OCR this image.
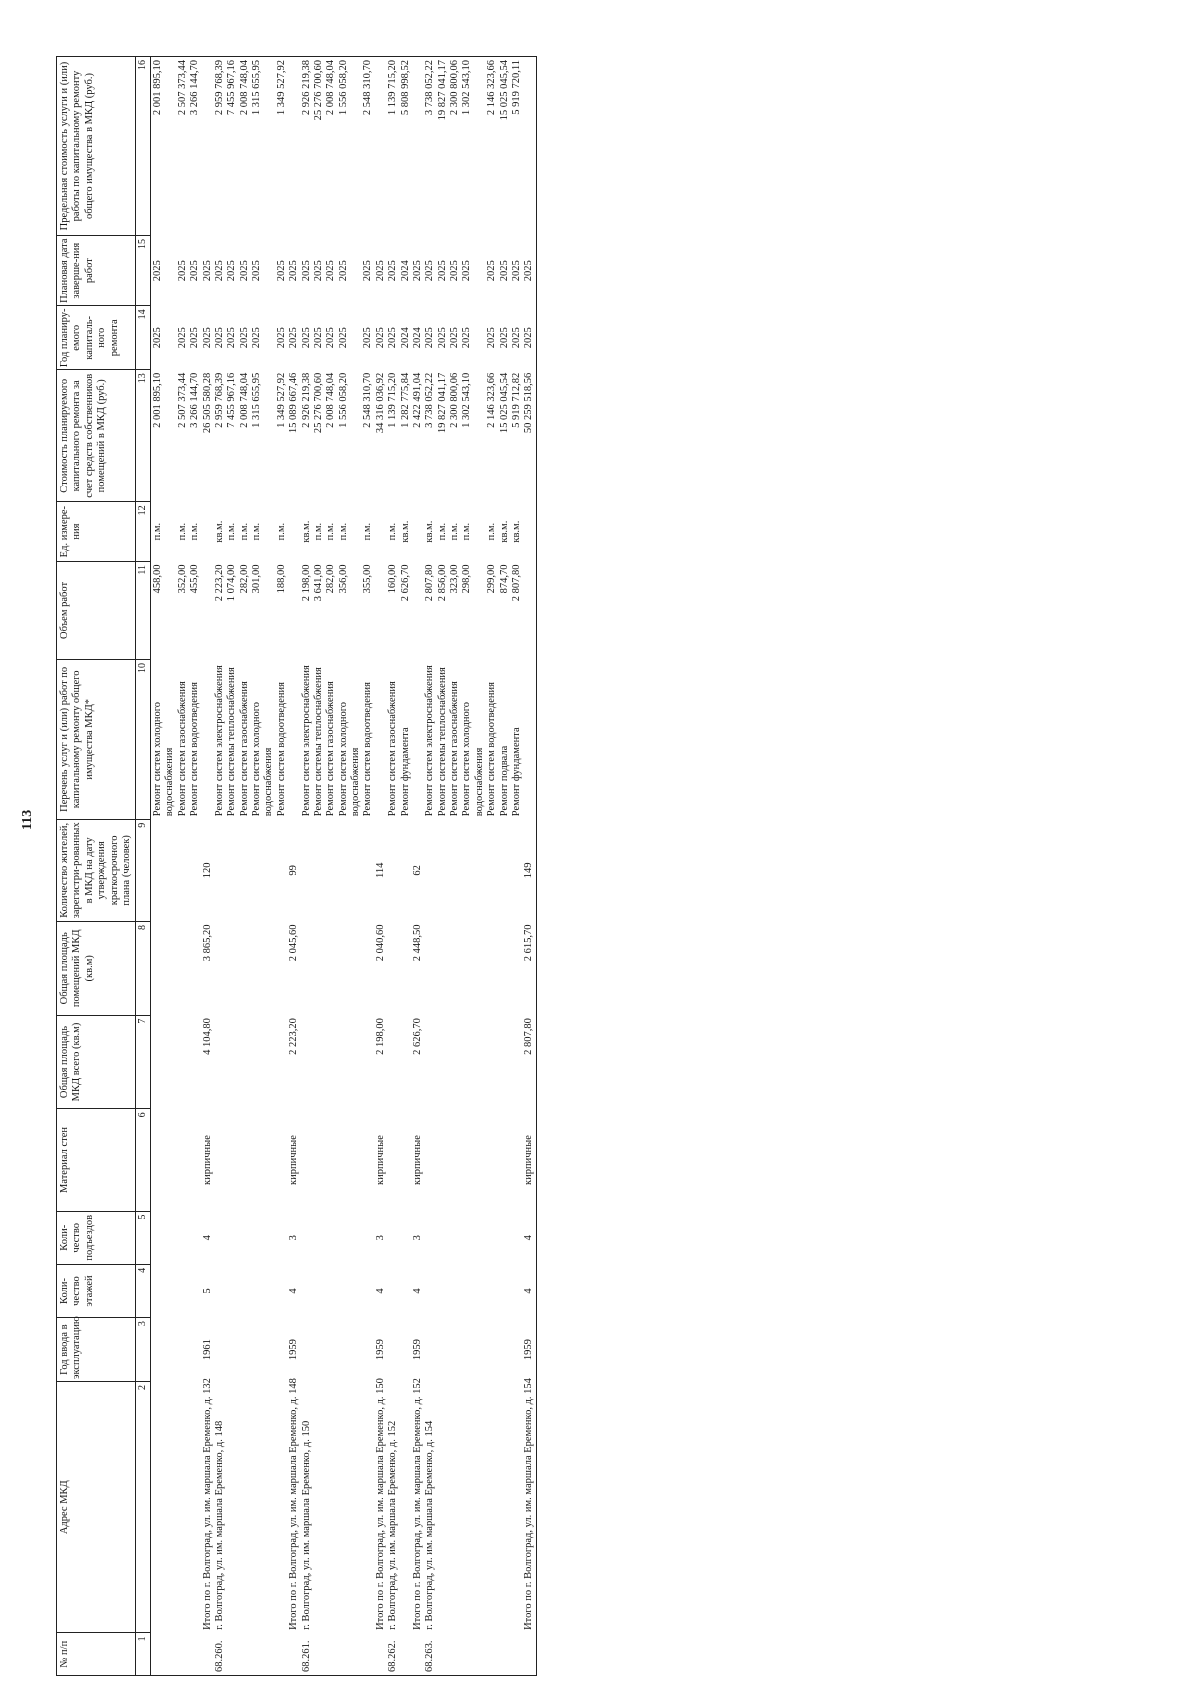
113
№ п/п	Адрес МКД	Год ввода в эксплуатацию	Коли-чество этажей	Коли-чество подъездов	Материал стен	Общая площадь МКД всего (кв.м)	Общая площадь помещений МКД (кв.м)	Количество жителей, зарегистри-рованных в МКД на дату утверждения краткосрочного плана (человек)	Перечень услуг и (или) работ по капитальному ремонту общего имущества МКД*	Объем работ	Ед. измере-ния	Стоимость планируемого капитального ремонта за счет средств собственников помещений в МКД (руб.)	Год планиру-емого капиталь-ного ремонта	Плановая дата заверше-ния работ	Предельная стоимость услуги и (или) работы по капитальному ремонту общего имущества в МКД (руб.)
1	2	3	4	5	6	7	8	9	10	11	12	13	14	15	16
									Ремонт систем холодного водоснабжения	458,00	п.м.	2 001 895,10	2025	2025	2 001 895,10
									Ремонт систем газоснабжения	352,00	п.м.	2 507 373,44	2025	2025	2 507 373,44
									Ремонт систем водоотведения	455,00	п.м.	3 266 144,70	2025	2025	3 266 144,70
	Итого по г. Волгоград, ул. им. маршала Еременко, д. 132	1961	5	4	кирпичные	4 104,80	3 865,20	120				26 505 580,28	2025	2025	
68.260.	г. Волгоград, ул. им. маршала Еременко, д. 148								Ремонт систем электроснабжения	2 223,20	кв.м.	2 959 768,39	2025	2025	2 959 768,39
									Ремонт системы теплоснабжения	1 074,00	п.м.	7 455 967,16	2025	2025	7 455 967,16
									Ремонт систем газоснабжения	282,00	п.м.	2 008 748,04	2025	2025	2 008 748,04
									Ремонт систем холодного водоснабжения	301,00	п.м.	1 315 655,95	2025	2025	1 315 655,95
									Ремонт систем водоотведения	188,00	п.м.	1 349 527,92	2025	2025	1 349 527,92
	Итого по г. Волгоград, ул. им. маршала Еременко, д. 148	1959	4	3	кирпичные	2 223,20	2 045,60	99				15 089 667,46	2025	2025	
68.261.	г. Волгоград, ул. им. маршала Еременко, д. 150								Ремонт систем электроснабжения	2 198,00	кв.м.	2 926 219,38	2025	2025	2 926 219,38
									Ремонт системы теплоснабжения	3 641,00	п.м.	25 276 700,60	2025	2025	25 276 700,60
									Ремонт систем газоснабжения	282,00	п.м.	2 008 748,04	2025	2025	2 008 748,04
									Ремонт систем холодного водоснабжения	356,00	п.м.	1 556 058,20	2025	2025	1 556 058,20
									Ремонт систем водоотведения	355,00	п.м.	2 548 310,70	2025	2025	2 548 310,70
	Итого по г. Волгоград, ул. им. маршала Еременко, д. 150	1959	4	3	кирпичные	2 198,00	2 040,60	114				34 316 036,92	2025	2025	
68.262.	г. Волгоград, ул. им. маршала Еременко, д. 152								Ремонт систем газоснабжения	160,00	п.м.	1 139 715,20	2025	2025	1 139 715,20
									Ремонт фундамента	2 626,70	кв.м.	1 282 775,84	2024	2024	5 808 998,52
	Итого по г. Волгоград, ул. им. маршала Еременко, д. 152	1959	4	3	кирпичные	2 626,70	2 448,50	62				2 422 491,04	2024	2025	
68.263.	г. Волгоград, ул. им. маршала Еременко, д. 154								Ремонт систем электроснабжения	2 807,80	кв.м.	3 738 052,22	2025	2025	3 738 052,22
									Ремонт системы теплоснабжения	2 856,00	п.м.	19 827 041,17	2025	2025	19 827 041,17
									Ремонт систем газоснабжения	323,00	п.м.	2 300 800,06	2025	2025	2 300 800,06
									Ремонт систем холодного водоснабжения	298,00	п.м.	1 302 543,10	2025	2025	1 302 543,10
									Ремонт систем водоотведения	299,00	п.м.	2 146 323,66	2025	2025	2 146 323,66
									Ремонт подвала	874,70	кв.м.	15 025 045,54	2025	2025	15 025 045,54
									Ремонт фундамента	2 807,80	кв.м.	5 919 712,82	2025	2025	5 919 720,11
	Итого по г. Волгоград, ул. им. маршала Еременко, д. 154	1959	4	4	кирпичные	2 807,80	2 615,70	149				50 259 518,56	2025	2025	
